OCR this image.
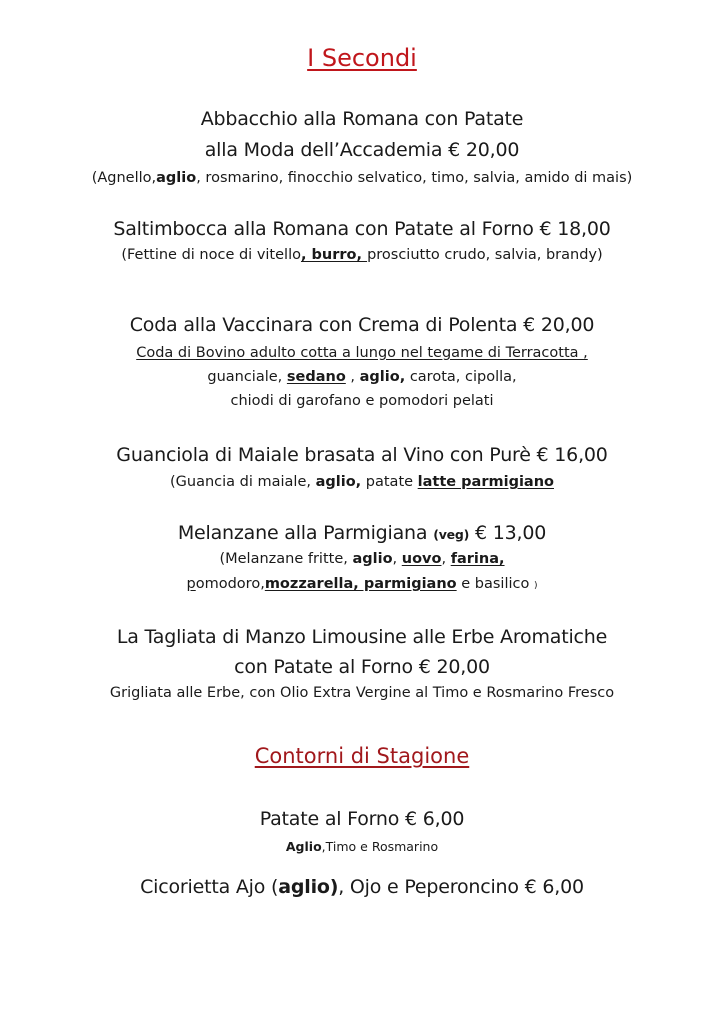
I Secondi
Abbacchio alla Romana con Patate
alla Moda dell’Accademia € 20,00
(Agnello,aglio, rosmarino, finocchio selvatico, timo, salvia, amido di mais)
Saltimbocca alla Romana con Patate al Forno € 18,00
(Fettine di noce di vitello, burro, prosciutto crudo, salvia, brandy)
Coda alla Vaccinara con Crema di Polenta € 20,00
Coda di Bovino adulto cotta a lungo nel tegame di Terracotta ,
guanciale, sedano , aglio, carota, cipolla,
chiodi di garofano e pomodori pelati
Guanciola di Maiale brasata al Vino con Purè € 16,00
(Guancia di maiale, aglio, patate latte parmigiano
Melanzane alla Parmigiana (veg) € 13,00
(Melanzane fritte, aglio, uovo, farina,
pomodoro,mozzarella, parmigiano e basilico )
La Tagliata di Manzo Limousine alle Erbe Aromatiche
con Patate al Forno € 20,00
Grigliata alle Erbe, con Olio Extra Vergine al Timo e Rosmarino Fresco
Contorni di Stagione
Patate al Forno € 6,00
Aglio,Timo e Rosmarino
Cicorietta Ajo (aglio), Ojo e Peperoncino € 6,00
